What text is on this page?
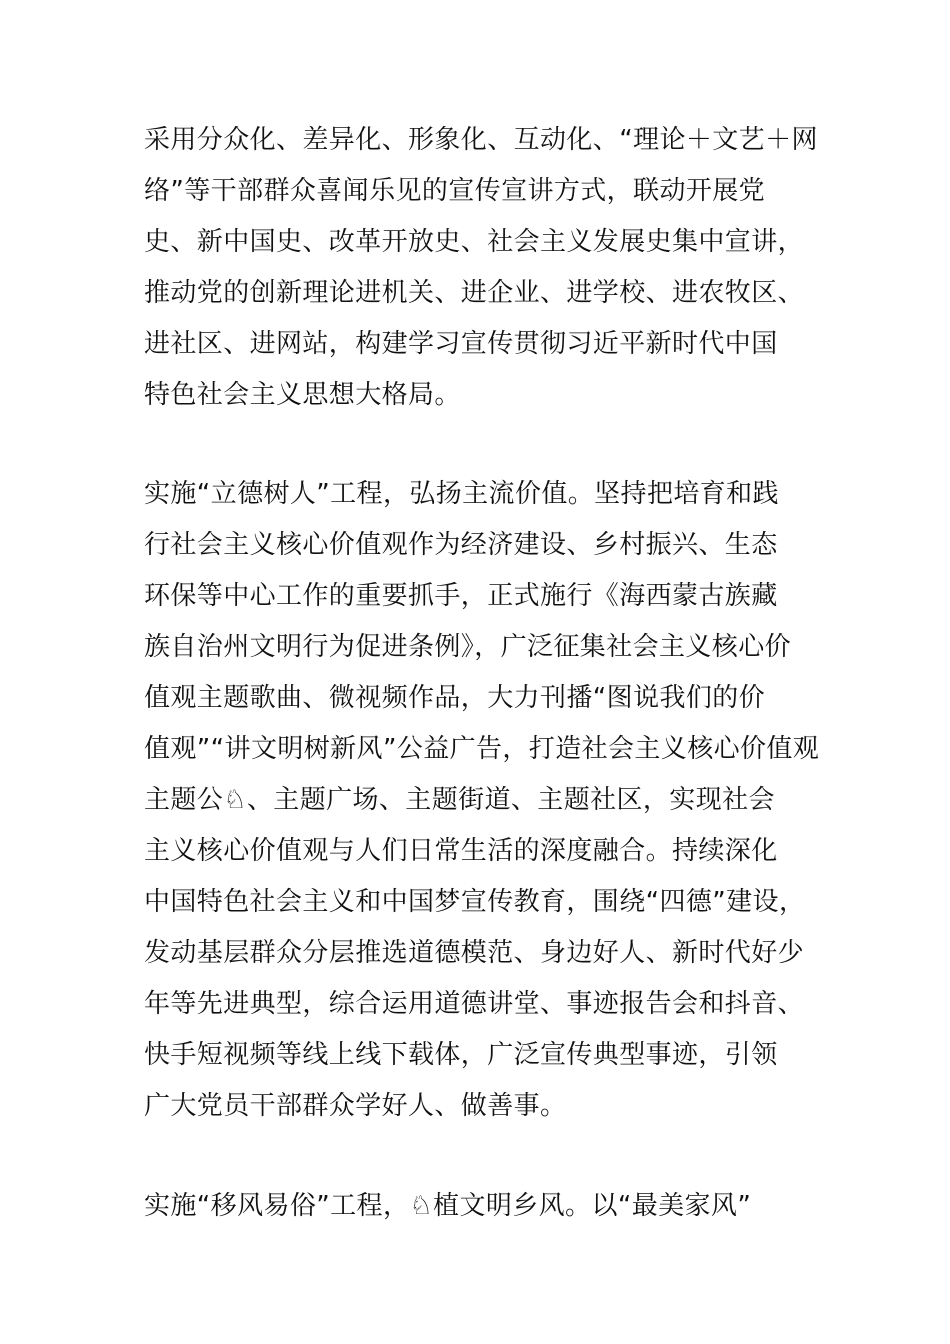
采用分众化、差异化、形象化、互动化、“理论＋文艺＋网
络”等干部群众喜闻乐见的宣传宣讲方式，联动开展党
史、新中国史、改革开放史、社会主义发展史集中宣讲，
推动党的创新理论进机关、进企业、进学校、进农牧区、
进社区、进网站，构建学习宣传贯彻习近平新时代中国
特色社会主义思想大格局。
实施“立德树人”工程，弘扬主流价值。坚持把培育和践
行社会主义核心价值观作为经济建设、乡村振兴、生态
环保等中心工作的重要抓手，正式施行《海西蒙古族藏
族自治州文明行为促进条例》，广泛征集社会主义核心价
值观主题歌曲、微视频作品，大力刊播“图说我们的价
值观”“讲文明树新风”公益广告，打造社会主义核心价值观
主题公♘、主题广场、主题街道、主题社区，实现社会
主义核心价值观与人们日常生活的深度融合。持续深化
中国特色社会主义和中国梦宣传教育，围绕“四德”建设，
发动基层群众分层推选道德模范、身边好人、新时代好少
年等先进典型，综合运用道德讲堂、事迹报告会和抖音、
快手短视频等线上线下载体，广泛宣传典型事迹，引领
广大党员干部群众学好人、做善事。
实施“移风易俗”工程，♘植文明乡风。以“最美家风”
